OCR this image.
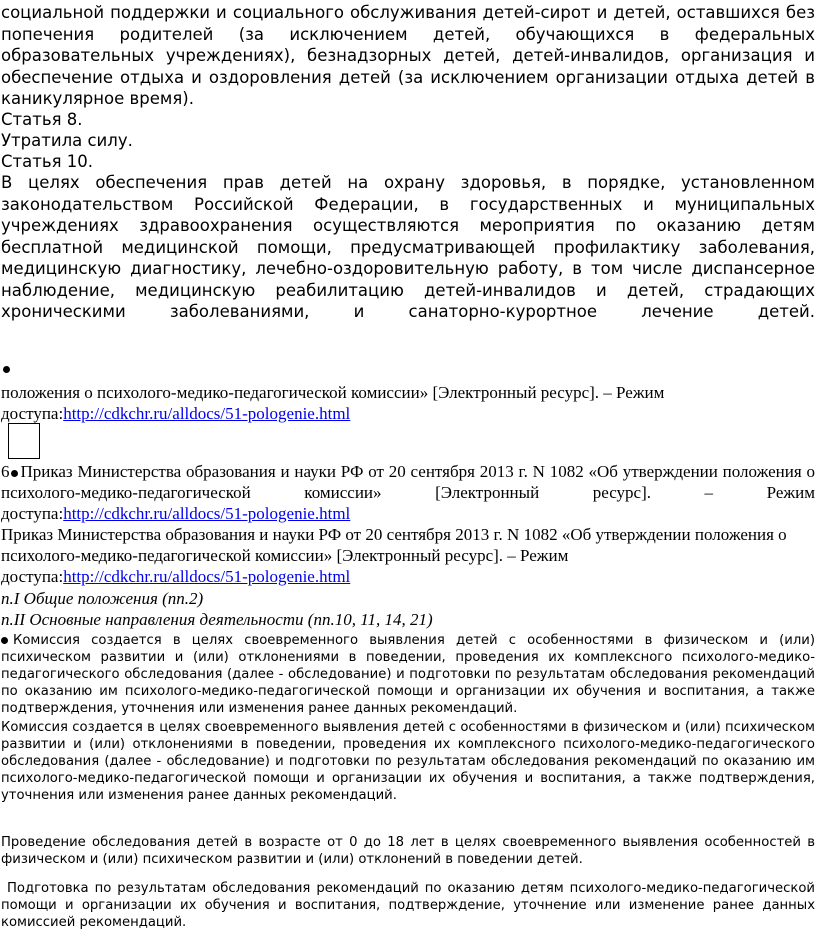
социальной поддержки и социального обслуживания детей-сирот и детей, оставшихся без попечения родителей (за исключением детей, обучающихся в федеральных образовательных учреждениях), безнадзорных детей, детей-инвалидов, организация и обеспечение отдыха и оздоровления детей (за исключением организации отдыха детей в каникулярное время).

Статья 8.

Утратила силу.

Статья 10.

В целях обеспечения прав детей на охрану здоровья, в порядке, установленном законодательством Российской Федерации, в государственных и муниципальных учреждениях здравоохранения осуществляются мероприятия по оказанию детям бесплатной медицинской помощи, предусматривающей профилактику заболевания, медицинскую диагностику, лечебно-оздоровительную работу, в том числе диспансерное наблюдение, медицинскую реабилитацию детей-инвалидов и детей, страдающих хроническими заболеваниями, и санаторно-курортное лечение детей.

положения о психолого-медико-педагогической комиссии» [Электронный ресурс]. – Режим доступа:http://cdkchr.ru/alldocs/51-pologenie.html

6 Приказ Министерства образования и науки РФ от 20 сентября 2013 г. N 1082 «Об утверждении положения о психолого-медико-педагогической комиссии» [Электронный ресурс]. – Режим доступа:http://cdkchr.ru/alldocs/51-pologenie.html

Приказ Министерства образования и науки РФ от 20 сентября 2013 г. N 1082 «Об утверждении положения о психолого-медико-педагогической комиссии» [Электронный ресурс]. – Режим доступа:http://cdkchr.ru/alldocs/51-pologenie.html

п.I Общие положения (пп.2)

п.II Основные направления деятельности (пп.10, 11, 14, 21)

Комиссия создается в целях своевременного выявления детей с особенностями в физическом и (или) психическом развитии и (или) отклонениями в поведении, проведения их комплексного психолого-медико-педагогического обследования (далее - обследование) и подготовки по результатам обследования рекомендаций по оказанию им психолого-медико-педагогической помощи и организации их обучения и воспитания, а также подтверждения, уточнения или изменения ранее данных рекомендаций.

Комиссия создается в целях своевременного выявления детей с особенностями в физическом и (или) психическом развитии и (или) отклонениями в поведении, проведения их комплексного психолого-медико-педагогического обследования (далее - обследование) и подготовки по результатам обследования рекомендаций по оказанию им психолого-медико-педагогической помощи и организации их обучения и воспитания, а также подтверждения, уточнения или изменения ранее данных рекомендаций.

Проведение обследования детей в возрасте от 0 до 18 лет в целях своевременного выявления особенностей в физическом и (или) психическом развитии и (или) отклонений в поведении детей.

Подготовка по результатам обследования рекомендаций по оказанию детям психолого-медико-педагогической помощи и организации их обучения и воспитания, подтверждение, уточнение или изменение ранее данных комиссией рекомендаций.
